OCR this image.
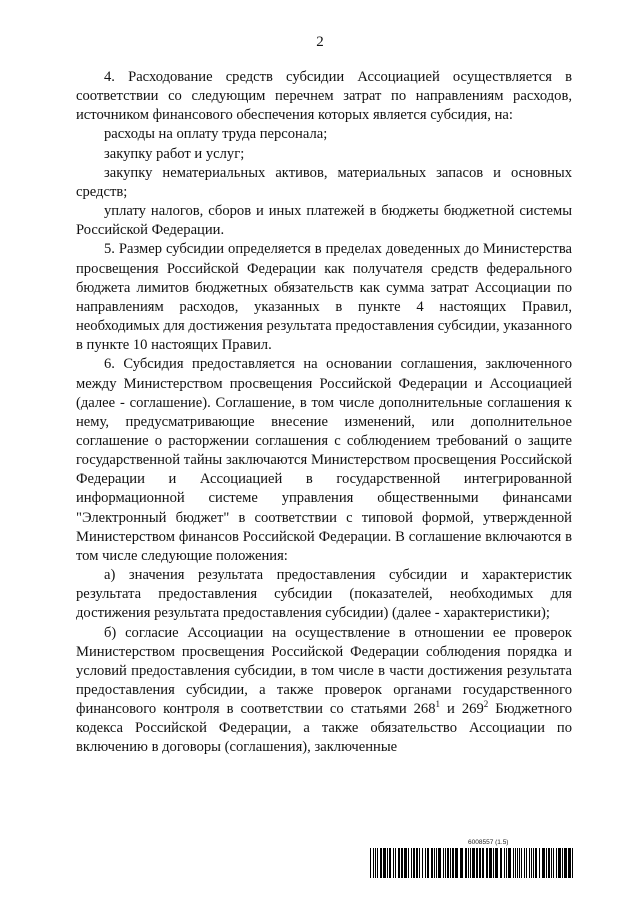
2

4. Расходование средств субсидии Ассоциацией осуществляется в соответствии со следующим перечнем затрат по направлениям расходов, источником финансового обеспечения которых является субсидия, на:

расходы на оплату труда персонала;

закупку работ и услуг;

закупку нематериальных активов, материальных запасов и основных средств;

уплату налогов, сборов и иных платежей в бюджеты бюджетной системы Российской Федерации.

5. Размер субсидии определяется в пределах доведенных до Министерства просвещения Российской Федерации как получателя средств федерального бюджета лимитов бюджетных обязательств как сумма затрат Ассоциации по направлениям расходов, указанных в пункте 4 настоящих Правил, необходимых для достижения результата предоставления субсидии, указанного в пункте 10 настоящих Правил.

6. Субсидия предоставляется на основании соглашения, заключенного между Министерством просвещения Российской Федерации и Ассоциацией (далее - соглашение). Соглашение, в том числе дополнительные соглашения к нему, предусматривающие внесение изменений, или дополнительное соглашение о расторжении соглашения с соблюдением требований о защите государственной тайны заключаются Министерством просвещения Российской Федерации и Ассоциацией в государственной интегрированной информационной системе управления общественными финансами "Электронный бюджет" в соответствии с типовой формой, утвержденной Министерством финансов Российской Федерации. В соглашение включаются в том числе следующие положения:

а) значения результата предоставления субсидии и характеристик результата предоставления субсидии (показателей, необходимых для достижения результата предоставления субсидии) (далее - характеристики);

б) согласие Ассоциации на осуществление в отношении ее проверок Министерством просвещения Российской Федерации соблюдения порядка и условий предоставления субсидии, в том числе в части достижения результата предоставления субсидии, а также проверок органами государственного финансового контроля в соответствии со статьями $268^1$ и $269^2$ Бюджетного кодекса Российской Федерации, а также обязательство Ассоциации по включению в договоры (соглашения), заключенные

6008557 (1.5)
